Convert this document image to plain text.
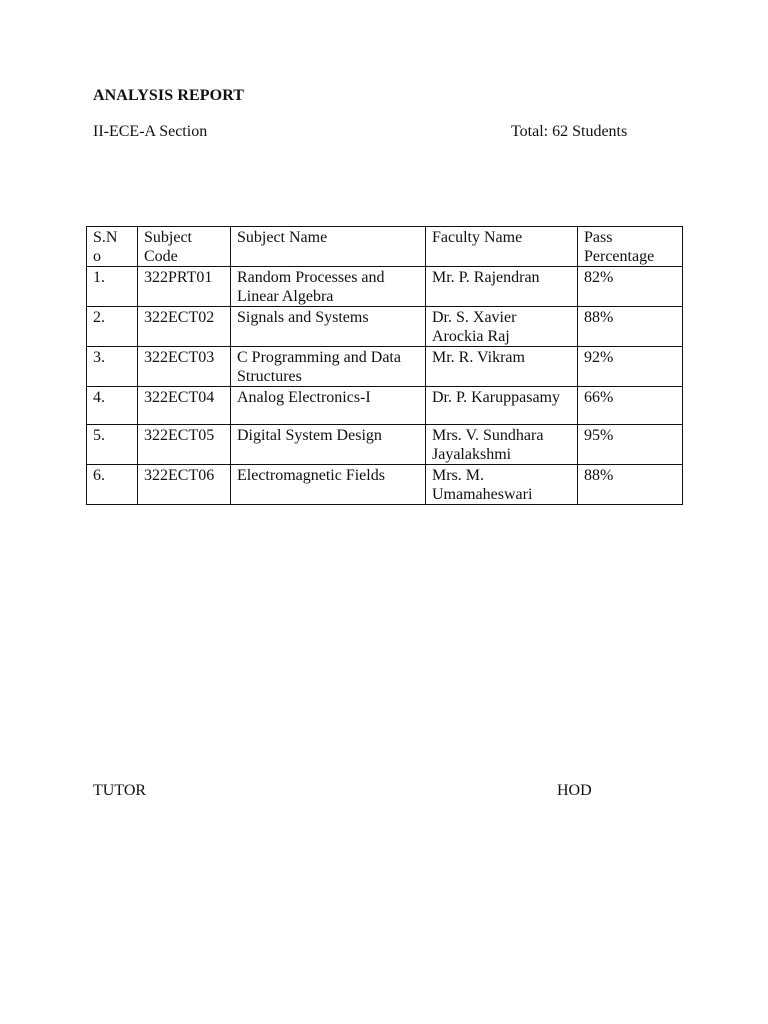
ANALYSIS REPORT
II-ECE-A Section	Total: 62 Students
S.N o	Subject Code	Subject Name	Faculty Name	Pass Percentage
1.	322PRT01	Random Processes and Linear Algebra	Mr. P. Rajendran	82%
2.	322ECT02	Signals and Systems	Dr. S. Xavier Arockia Raj	88%
3.	322ECT03	C Programming and Data Structures	Mr. R. Vikram	92%
4.	322ECT04	Analog Electronics-I	Dr. P. Karuppasamy	66%
5.	322ECT05	Digital System Design	Mrs. V. Sundhara Jayalakshmi	95%
6.	322ECT06	Electromagnetic Fields	Mrs. M. Umamaheswari	88%
TUTOR	HOD
